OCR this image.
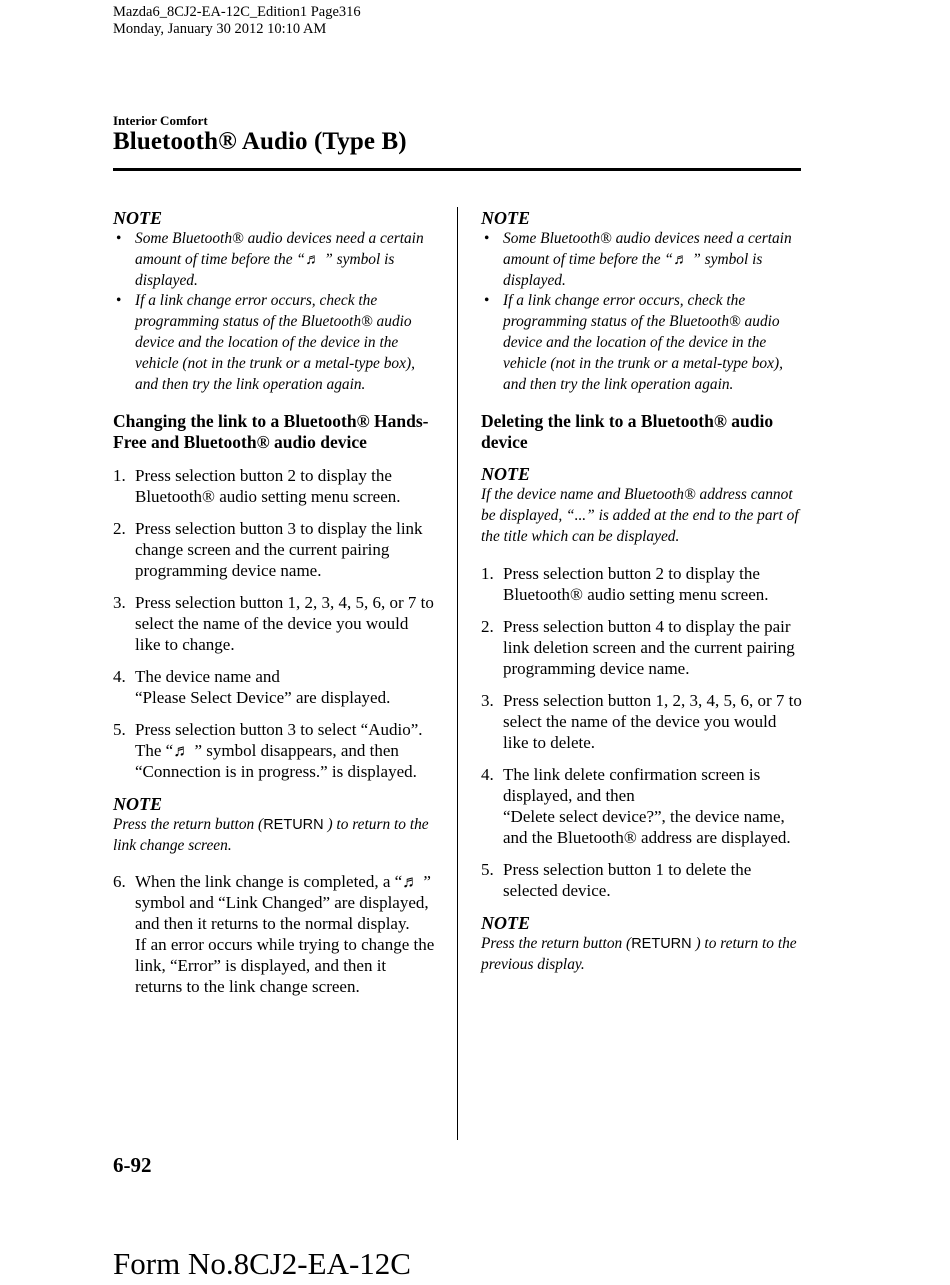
Mazda6_8CJ2-EA-12C_Edition1 Page316
Monday, January 30 2012 10:10 AM
Interior Comfort
Bluetooth® Audio (Type B)

NOTE

• Some Bluetooth® audio devices need a certain amount of time before the “♬ ” symbol is displayed.
• If a link change error occurs, check the programming status of the Bluetooth® audio device and the location of the device in the vehicle (not in the trunk or a metal-type box), and then try the link operation again.
Changing the link to a Bluetooth® Hands-Free and Bluetooth® audio device
1. Press selection button 2 to display the Bluetooth® audio setting menu screen.
2. Press selection button 3 to display the link change screen and the current pairing programming device name.
3. Press selection button 1, 2, 3, 4, 5, 6, or 7 to select the name of the device you would like to change.
4. The device name and
“Please Select Device” are displayed.
5. Press selection button 3 to select “Audio”. The “♬ ” symbol disappears, and then “Connection is in progress.” is displayed.

NOTE

Press the return button (RETURN ) to return to the link change screen.

6. When the link change is completed, a “♬ ” symbol and “Link Changed” are displayed, and then it returns to the normal display.
If an error occurs while trying to change the link, “Error” is displayed, and then it returns to the link change screen.

NOTE

• Some Bluetooth® audio devices need a certain amount of time before the “♬ ” symbol is displayed.
• If a link change error occurs, check the programming status of the Bluetooth® audio device and the location of the device in the vehicle (not in the trunk or a metal-type box), and then try the link operation again.
Deleting the link to a Bluetooth® audio device

NOTE

If the device name and Bluetooth® address cannot be displayed, “...” is added at the end to the part of the title which can be displayed.

1. Press selection button 2 to display the Bluetooth® audio setting menu screen.
2. Press selection button 4 to display the pair link deletion screen and the current pairing programming device name.
3. Press selection button 1, 2, 3, 4, 5, 6, or 7 to select the name of the device you would like to delete.
4. The link delete confirmation screen is displayed, and then
“Delete select device?”, the device name, and the Bluetooth® address are displayed.
5. Press selection button 1 to delete the selected device.

NOTE

Press the return button (RETURN ) to return to the previous display.

6-92
Form No.8CJ2-EA-12C
